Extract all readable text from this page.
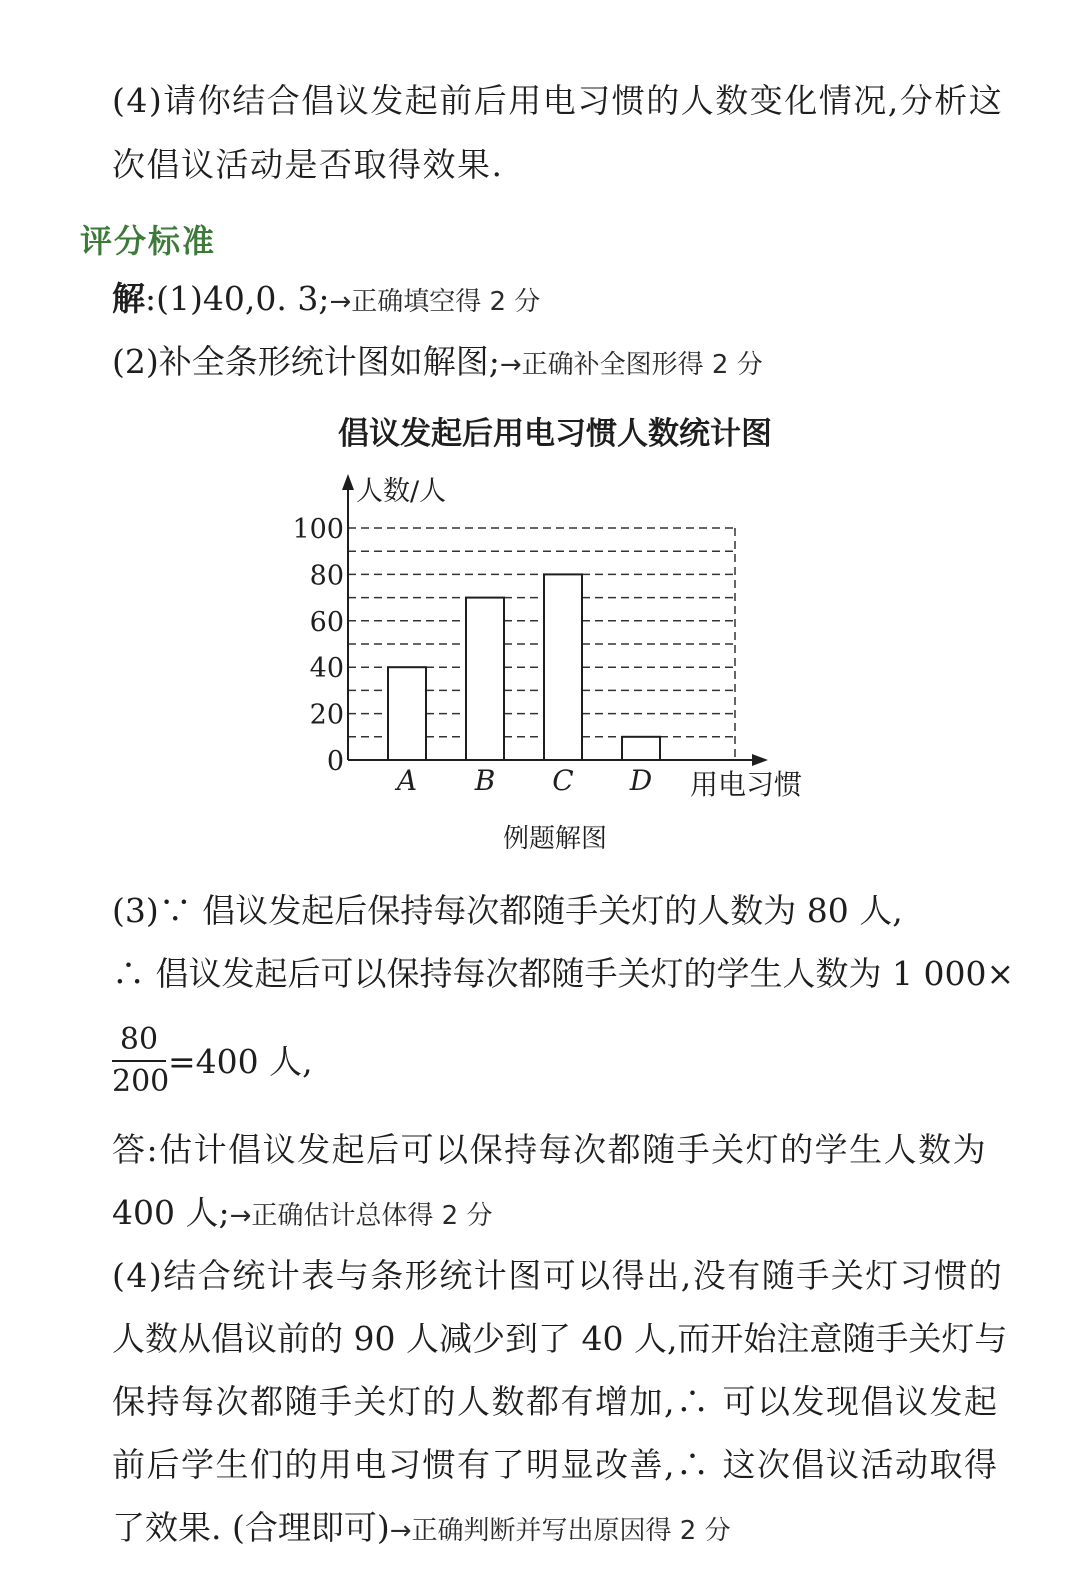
(4)请你结合倡议发起前后用电习惯的人数变化情况,分析这
次倡议活动是否取得效果.
评分标准
解:(1)40,0. 3;→正确填空得 2 分
(2)补全条形统计图如解图;→正确补全图形得 2 分
倡议发起后用电习惯人数统计图
0
20
40
60
80
100
A B C D
人数/人
用电习惯
例题解图
(3)∵ 倡议发起后保持每次都随手关灯的人数为 80 人,
∴ 倡议发起后可以保持每次都随手关灯的学生人数为 1 000×
80
200
=400 人,
答:估计倡议发起后可以保持每次都随手关灯的学生人数为
400 人;→正确估计总体得 2 分
(4)结合统计表与条形统计图可以得出,没有随手关灯习惯的
人数从倡议前的 90 人减少到了 40 人,而开始注意随手关灯与
保持每次都随手关灯的人数都有增加,∴ 可以发现倡议发起
前后学生们的用电习惯有了明显改善,∴ 这次倡议活动取得
了效果. (合理即可)→正确判断并写出原因得 2 分
